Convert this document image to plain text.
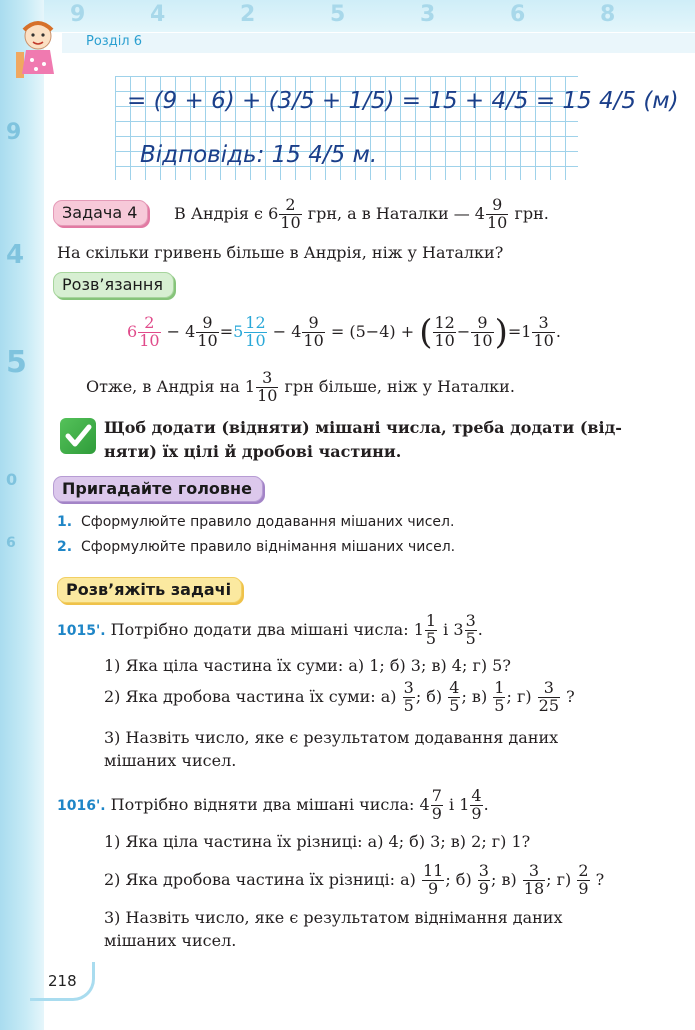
9	4	2	5	3	6	8
9
4
5
0
6
Розділ 6
= (9 + 6) + (3/5 + 1/5) = 15 + 4/5 = 15 4/5 (м)
Відповідь: 15 4/5 м.
Задача 4	В Андрія є $6 \frac{2}{10}$ грн, а в Наталки — $4 \frac{9}{10}$ грн.
На скільки гривень більше в Андрія, ніж у Наталки?
Розв’язання
$6 \frac{2}{10} - 4 \frac{9}{10} =5 \frac{12}{10} - 4 \frac{9}{10} = (5-4)$ + ( $\frac{12}{10} - \frac{9}{10} )=1 \frac{3}{10}$ .
Отже, в Андрія на $1 \frac{3}{10}$ грн більше, ніж у Наталки.
Щоб додати (відняти) мішані числа, треба додати (від-
няти) їх цілі й дробові частини.
Пригадайте головне
1. Сформулюйте правило додавання мішаних чисел.
2. Сформулюйте правило віднімання мішаних чисел.
Розв’яжіть задачі
1015'. Потрібно додати два мішані числа: $1 \frac{1}{5}$ і $3 \frac{3}{5}$ .
1) Яка ціла частина їх суми: а) 1; б) 3; в) 4; г) 5?
2) Яка дробова частина їх суми: $а) \frac{3}{5}$ ; $б) \frac{4}{5}$ ; $в) \frac{1}{5}$ ; $г) \frac{3}{25}$ ?
3) Назвіть число, яке є результатом додавання даних
мішаних чисел.
1016'. Потрібно відняти два мішані числа: $4 \frac{7}{9}$ і $1 \frac{4}{9}$ .
1) Яка ціла частина їх різниці: а) 4; б) 3; в) 2; г) 1?
2) Яка дробова частина їх різниці: $а) \frac{11}{9}$ ; $б) \frac{3}{9}$ ; $в) \frac{3}{18}$ ; $г) \frac{2}{9}$ ?
3) Назвіть число, яке є результатом віднімання даних
мішаних чисел.
218
